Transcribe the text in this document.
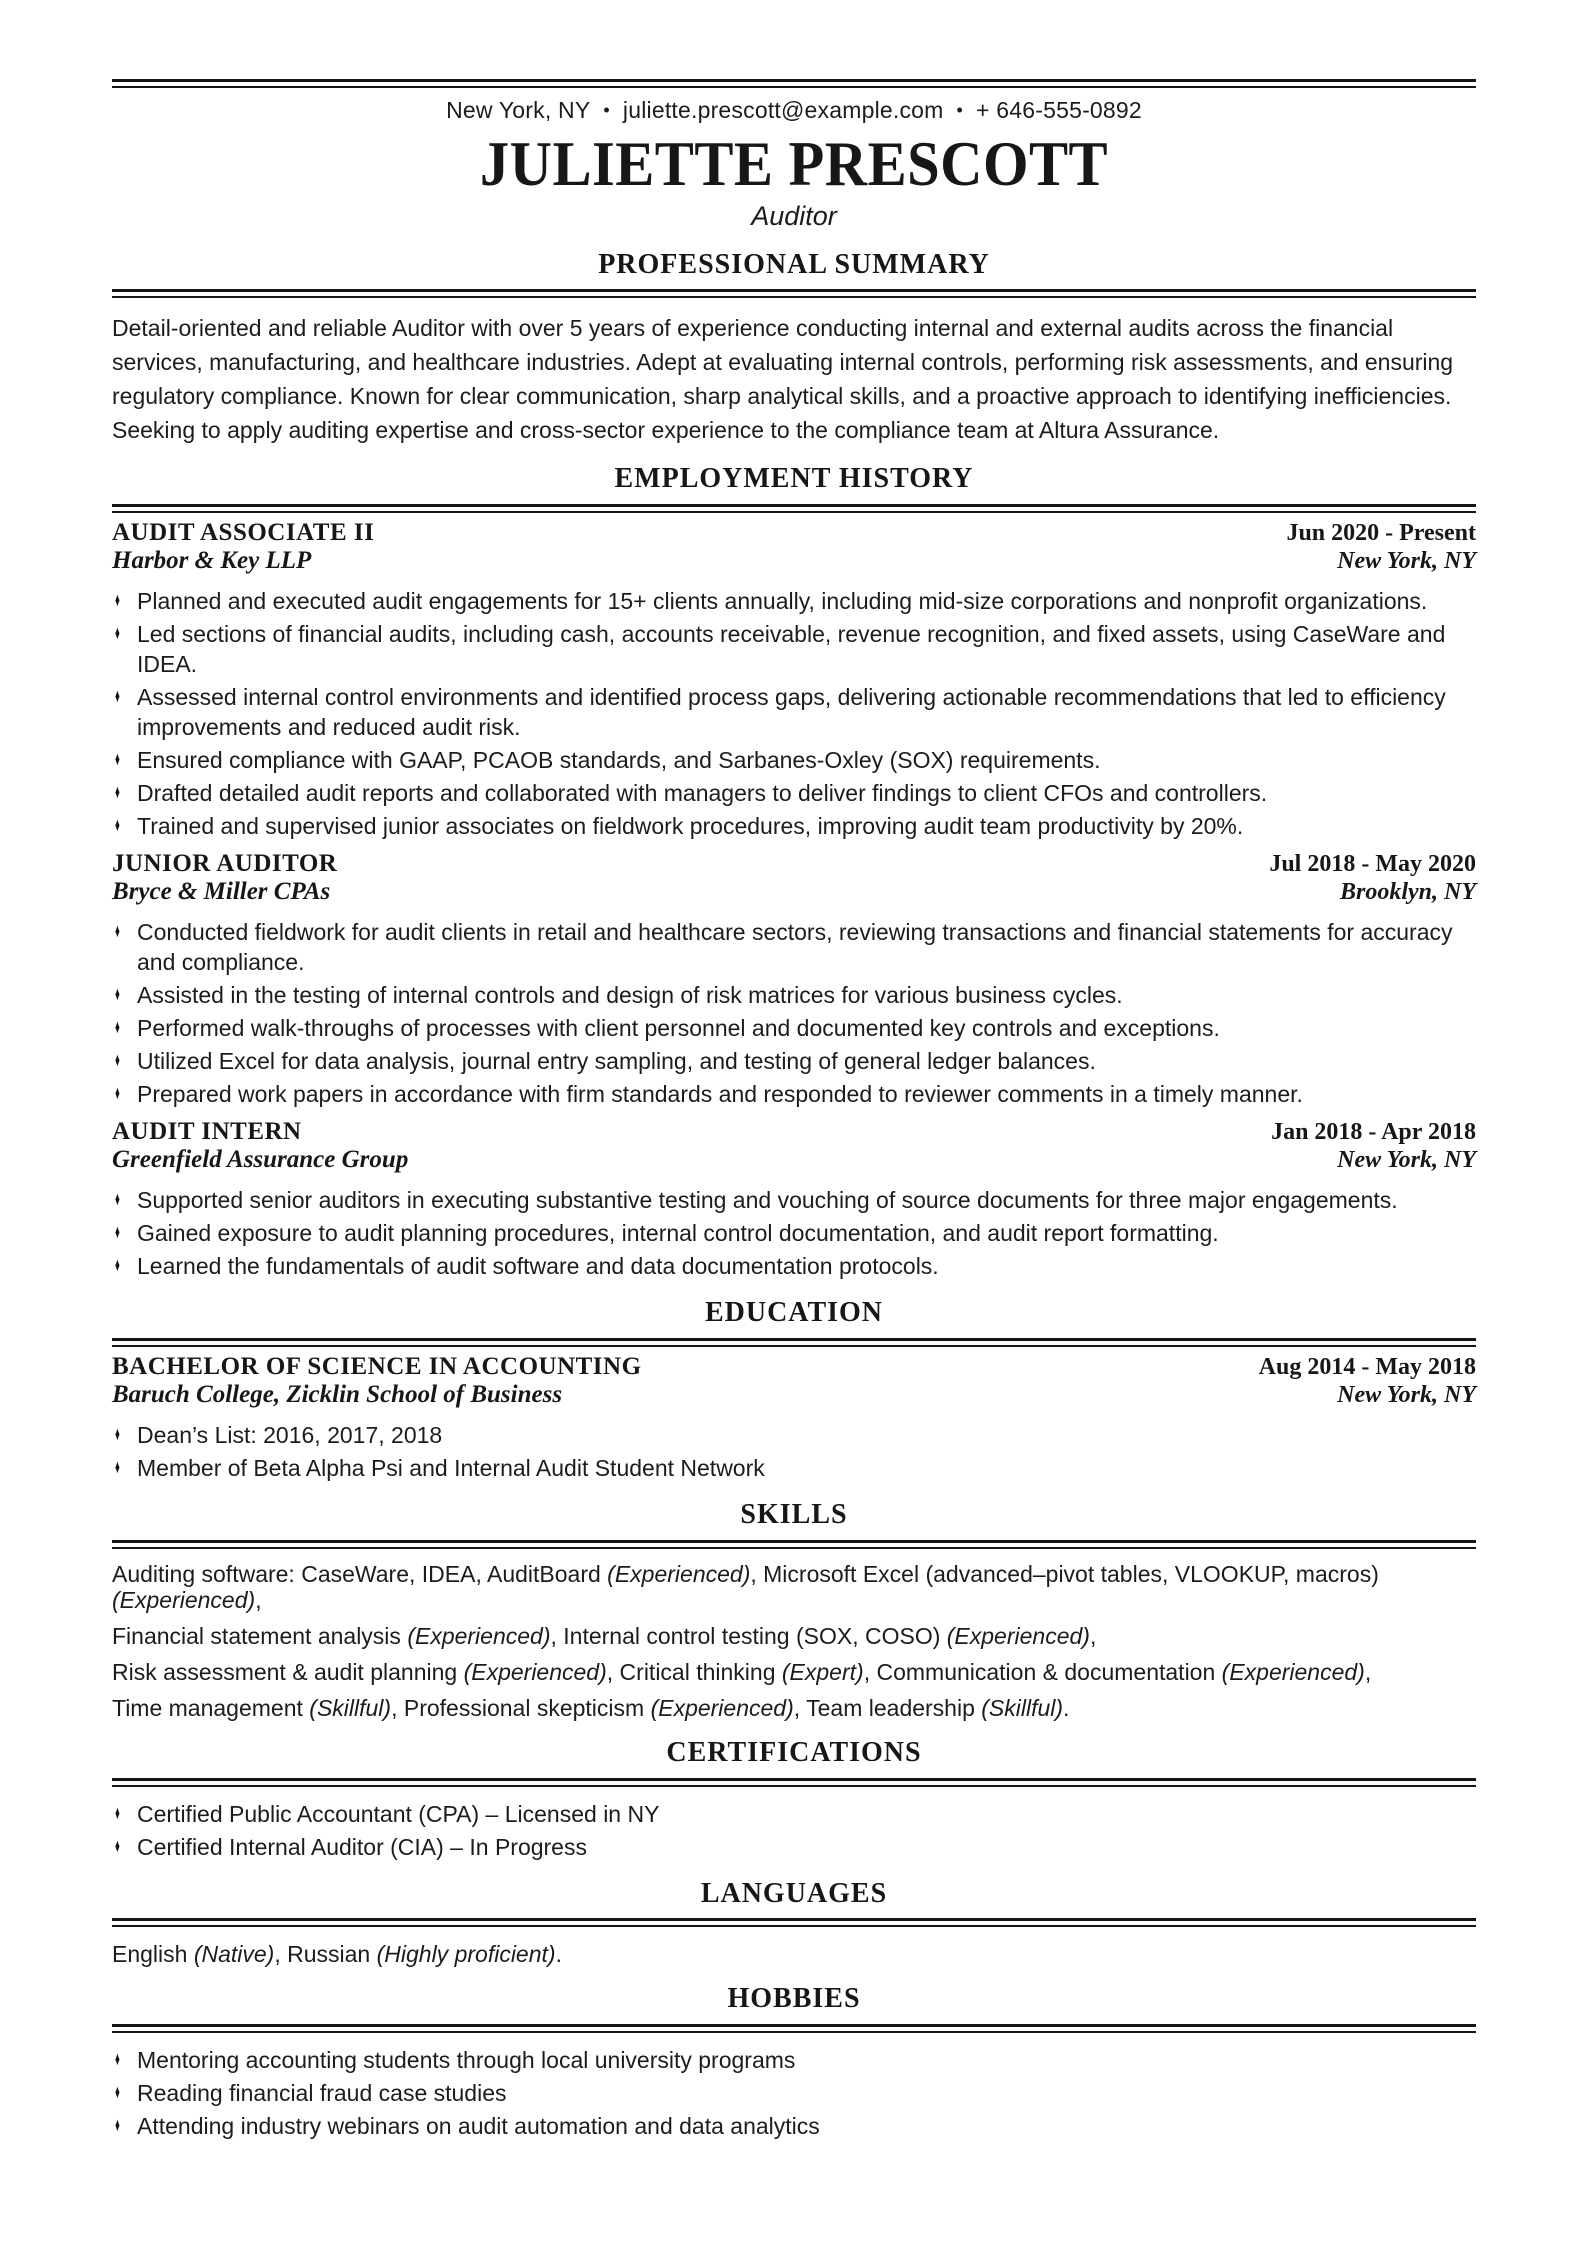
New York, NY • juliette.prescott@example.com • + 646-555-0892
JULIETTE PRESCOTT
Auditor
PROFESSIONAL SUMMARY

Detail-oriented and reliable Auditor with over 5 years of experience conducting internal and external audits across the financial services, manufacturing, and healthcare industries. Adept at evaluating internal controls, performing risk assessments, and ensuring regulatory compliance. Known for clear communication, sharp analytical skills, and a proactive approach to identifying inefficiencies. Seeking to apply auditing expertise and cross-sector experience to the compliance team at Altura Assurance.

EMPLOYMENT HISTORY
AUDIT ASSOCIATE II
Harbor & Key LLP
Jun 2020 - Present
New York, NY
♦ Planned and executed audit engagements for 15+ clients annually, including mid-size corporations and nonprofit organizations.
♦ Led sections of financial audits, including cash, accounts receivable, revenue recognition, and fixed assets, using CaseWare and IDEA.
♦ Assessed internal control environments and identified process gaps, delivering actionable recommendations that led to efficiency improvements and reduced audit risk.
♦ Ensured compliance with GAAP, PCAOB standards, and Sarbanes-Oxley (SOX) requirements.
♦ Drafted detailed audit reports and collaborated with managers to deliver findings to client CFOs and controllers.
♦ Trained and supervised junior associates on fieldwork procedures, improving audit team productivity by 20%.
JUNIOR AUDITOR
Bryce & Miller CPAs
Jul 2018 - May 2020
Brooklyn, NY
♦ Conducted fieldwork for audit clients in retail and healthcare sectors, reviewing transactions and financial statements for accuracy and compliance.
♦ Assisted in the testing of internal controls and design of risk matrices for various business cycles.
♦ Performed walk-throughs of processes with client personnel and documented key controls and exceptions.
♦ Utilized Excel for data analysis, journal entry sampling, and testing of general ledger balances.
♦ Prepared work papers in accordance with firm standards and responded to reviewer comments in a timely manner.
AUDIT INTERN
Greenfield Assurance Group
Jan 2018 - Apr 2018
New York, NY
♦ Supported senior auditors in executing substantive testing and vouching of source documents for three major engagements.
♦ Gained exposure to audit planning procedures, internal control documentation, and audit report formatting.
♦ Learned the fundamentals of audit software and data documentation protocols.
EDUCATION
BACHELOR OF SCIENCE IN ACCOUNTING
Baruch College, Zicklin School of Business
Aug 2014 - May 2018
New York, NY
♦ Dean’s List: 2016, 2017, 2018
♦ Member of Beta Alpha Psi and Internal Audit Student Network
SKILLS
Auditing software: CaseWare, IDEA, AuditBoard (Experienced), Microsoft Excel (advanced–pivot tables, VLOOKUP, macros) (Experienced),
Financial statement analysis (Experienced), Internal control testing (SOX, COSO) (Experienced),
Risk assessment & audit planning (Experienced), Critical thinking (Expert), Communication & documentation (Experienced),
Time management (Skillful), Professional skepticism (Experienced), Team leadership (Skillful).
CERTIFICATIONS
♦ Certified Public Accountant (CPA) – Licensed in NY
♦ Certified Internal Auditor (CIA) – In Progress
LANGUAGES
English (Native), Russian (Highly proficient).
HOBBIES
♦ Mentoring accounting students through local university programs
♦ Reading financial fraud case studies
♦ Attending industry webinars on audit automation and data analytics
